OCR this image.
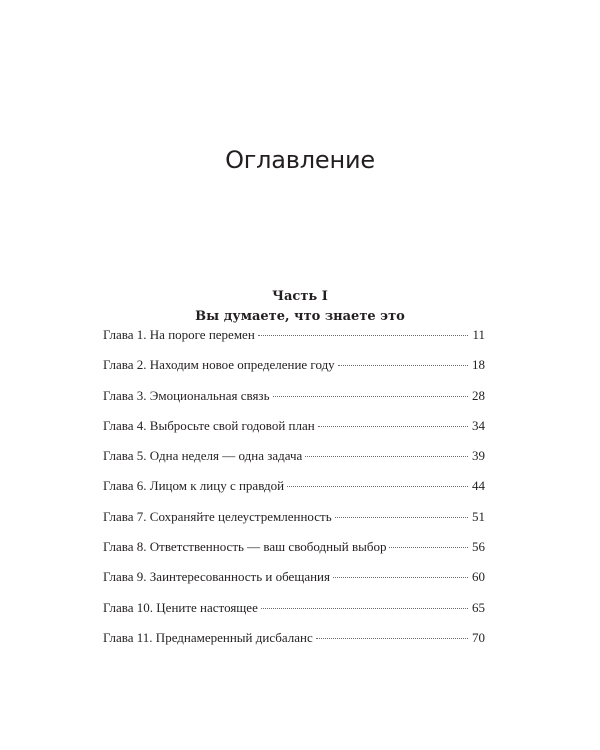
Оглавление
Часть I
Вы думаете, что знаете это
Глава 1. На пороге перемен	11
Глава 2. Находим новое определение году	18
Глава 3. Эмоциональная связь	28
Глава 4. Выбросьте свой годовой план	34
Глава 5. Одна неделя — одна задача	39
Глава 6. Лицом к лицу с правдой	44
Глава 7. Сохраняйте целеустремленность	51
Глава 8. Ответственность — ваш свободный выбор	56
Глава 9. Заинтересованность и обещания	60
Глава 10. Цените настоящее	65
Глава 11. Преднамеренный дисбаланс	70
